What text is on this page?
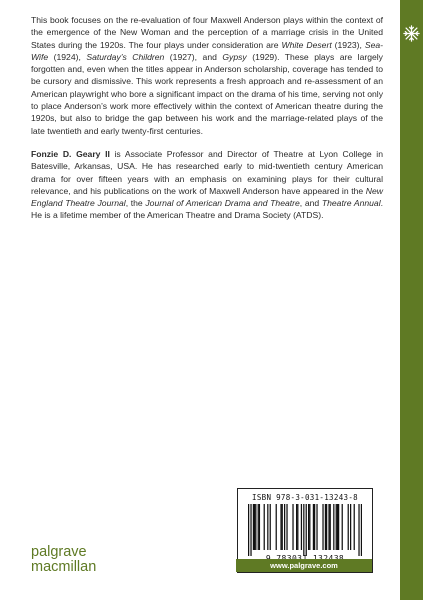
This book focuses on the re-evaluation of four Maxwell Anderson plays within the context of the emergence of the New Woman and the perception of a marriage crisis in the United States during the 1920s. The four plays under consideration are White Desert (1923), Sea-Wife (1924), Saturday’s Children (1927), and Gypsy (1929). These plays are largely forgotten and, even when the titles appear in Anderson scholarship, coverage has tended to be cursory and dismissive. This work represents a fresh approach and re-assessment of an American playwright who bore a significant impact on the drama of his time, serving not only to place Anderson’s work more effectively within the context of American theatre during the 1920s, but also to bridge the gap between his work and the marriage-related plays of the late twentieth and early twenty-first centuries.

Fonzie D. Geary II is Associate Professor and Director of Theatre at Lyon College in Batesville, Arkansas, USA. He has researched early to mid-twentieth century American drama for over fifteen years with an emphasis on examining plays for their cultural relevance, and his publications on the work of Maxwell Anderson have appeared in the New England Theatre Journal, the Journal of American Drama and Theatre, and Theatre Annual. He is a lifetime member of the American Theatre and Drama Society (ATDS).

ISBN 978-3-031-13243-8
www.palgrave.com
palgrave
macmillan
